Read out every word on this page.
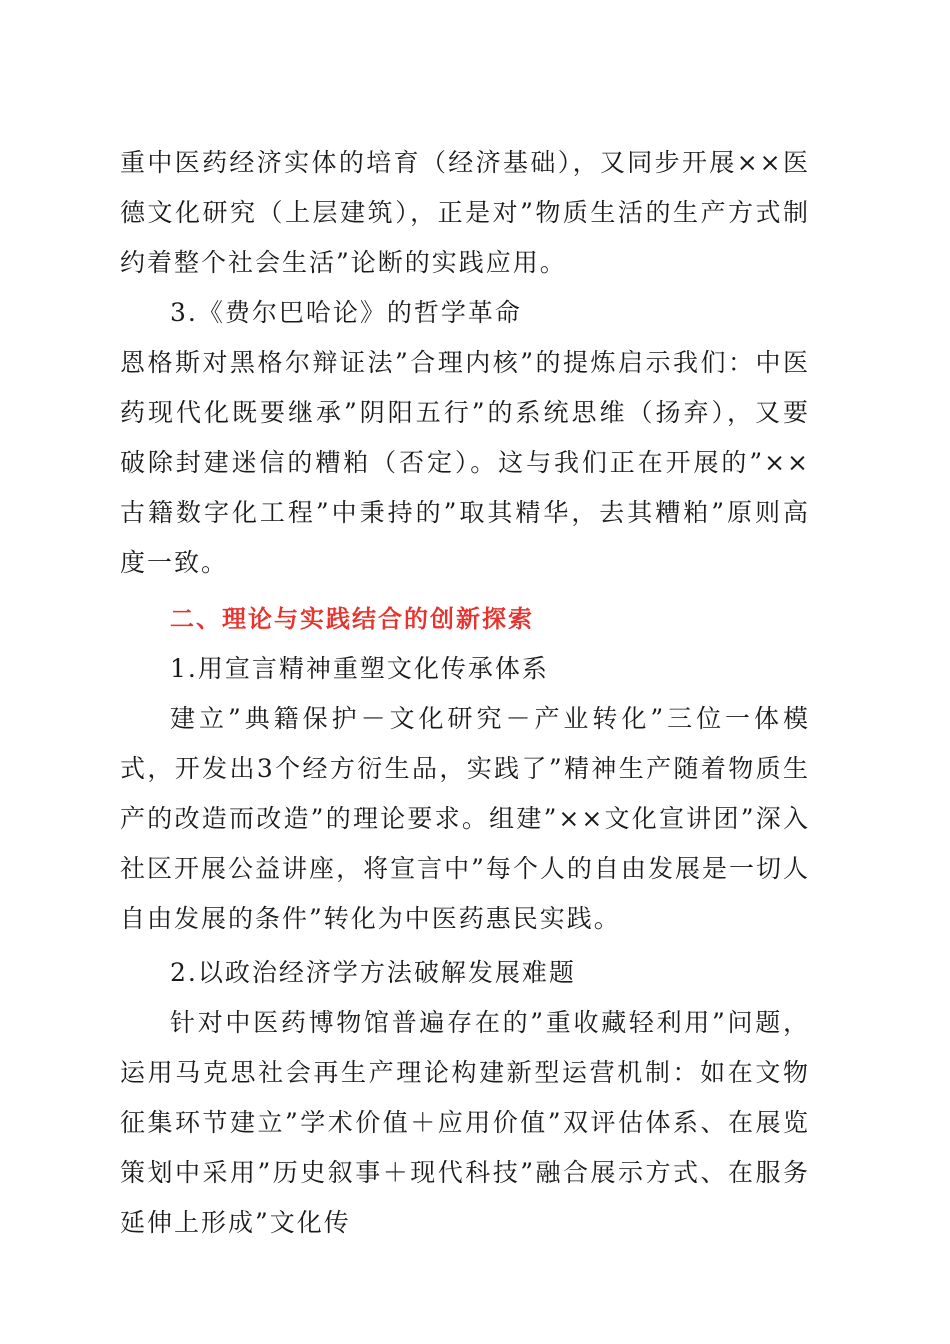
重中医药经济实体的培育（经济基础），又同步开展××医德文化研究（上层建筑），正是对”物质生活的生产方式制约着整个社会生活”论断的实践应用。

3.《费尔巴哈论》的哲学革命

恩格斯对黑格尔辩证法”合理内核”的提炼启示我们：中医药现代化既要继承”阴阳五行”的系统思维（扬弃），又要破除封建迷信的糟粕（否定）。这与我们正在开展的”××古籍数字化工程”中秉持的”取其精华，去其糟粕”原则高度一致。

二、理论与实践结合的创新探索

1.用宣言精神重塑文化传承体系

建立”典籍保护－文化研究－产业转化”三位一体模式，开发出3个经方衍生品，实践了”精神生产随着物质生产的改造而改造”的理论要求。组建”××文化宣讲团”深入社区开展公益讲座，将宣言中”每个人的自由发展是一切人自由发展的条件”转化为中医药惠民实践。

2.以政治经济学方法破解发展难题

针对中医药博物馆普遍存在的”重收藏轻利用”问题，运用马克思社会再生产理论构建新型运营机制：如在文物征集环节建立”学术价值＋应用价值”双评估体系、在展览策划中采用”历史叙事＋现代科技”融合展示方式、在服务延伸上形成”文化传
